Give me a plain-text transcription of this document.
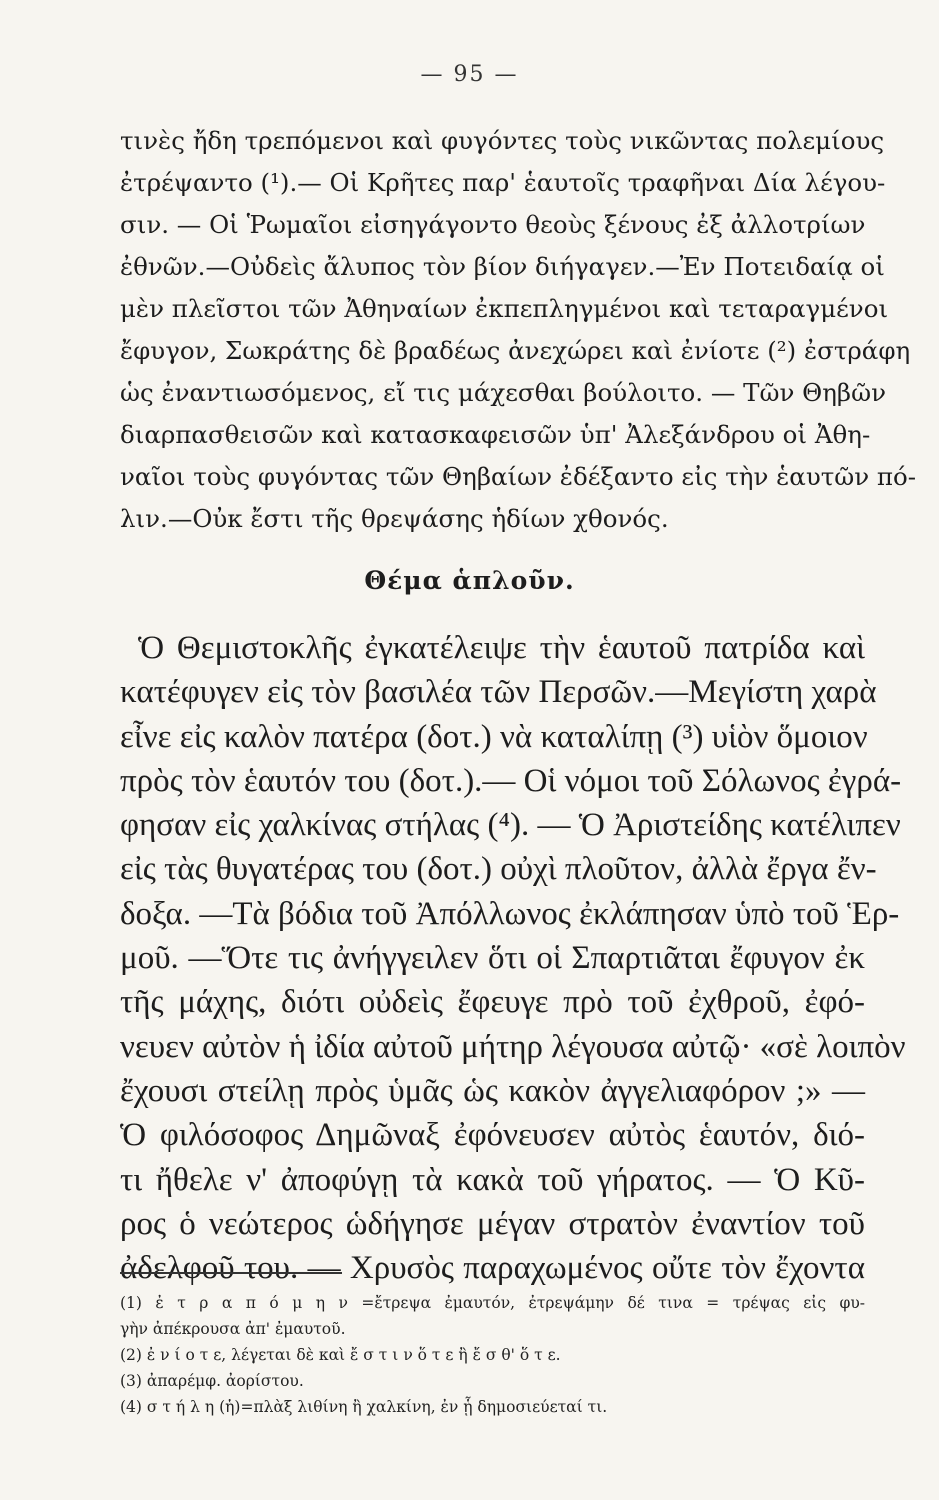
— 95 —
τινὲς ἤδη τρεπόμενοι καὶ φυγόντες τοὺς νικῶντας πολεμίους
ἐτρέψαντο (¹).— Οἱ Κρῆτες παρ' ἑαυτοῖς τραφῆναι Δία λέγου-
σιν. — Οἱ Ῥωμαῖοι εἰσηγάγοντο θεοὺς ξένους ἐξ ἀλλοτρίων
ἐθνῶν.—Οὐδεὶς ἄλυπος τὸν βίον διήγαγεν.—Ἐν Ποτειδαίᾳ οἱ
μὲν πλεῖστοι τῶν Ἀθηναίων ἐκπεπληγμένοι καὶ τεταραγμένοι
ἔφυγον, Σωκράτης δὲ βραδέως ἀνεχώρει καὶ ἐνίοτε (²) ἐστράφη
ὡς ἐναντιωσόμενος, εἴ τις μάχεσθαι βούλοιτο. — Τῶν Θηβῶν
διαρπασθεισῶν καὶ κατασκαφεισῶν ὑπ' Ἀλεξάνδρου οἱ Ἀθη-
ναῖοι τοὺς φυγόντας τῶν Θηβαίων ἐδέξαντο εἰς τὴν ἑαυτῶν πό-
λιν.—Οὐκ ἔστι τῆς θρεψάσης ἡδίων χθονός.
Θέμα ἁπλοῦν.
Ὁ Θεμιστοκλῆς ἐγκατέλειψε τὴν ἑαυτοῦ πατρίδα καὶ
κατέφυγεν εἰς τὸν βασιλέα τῶν Περσῶν.—Μεγίστη χαρὰ
εἶνε εἰς καλὸν πατέρα (δοτ.) νὰ καταλίπῃ (³) υἱὸν ὅμοιον
πρὸς τὸν ἑαυτόν του (δοτ.).— Οἱ νόμοι τοῦ Σόλωνος ἐγρά-
φησαν εἰς χαλκίνας στήλας (⁴). — Ὁ Ἀριστείδης κατέλιπεν
εἰς τὰς θυγατέρας του (δοτ.) οὐχὶ πλοῦτον, ἀλλὰ ἔργα ἔν-
δοξα. —Τὰ βόδια τοῦ Ἀπόλλωνος ἐκλάπησαν ὑπὸ τοῦ Ἑρ-
μοῦ. —Ὅτε τις ἀνήγγειλεν ὅτι οἱ Σπαρτιᾶται ἔφυγον ἐκ
τῆς μάχης, διότι οὐδεὶς ἔφευγε πρὸ τοῦ ἐχθροῦ, ἐφό-
νευεν αὐτὸν ἡ ἰδία αὐτοῦ μήτηρ λέγουσα αὐτῷ· «σὲ λοιπὸν
ἔχουσι στείλῃ πρὸς ὑμᾶς ὡς κακὸν ἀγγελιαφόρον ;» —
Ὁ φιλόσοφος Δημῶναξ ἐφόνευσεν αὐτὸς ἑαυτόν, διό-
τι ἤθελε ν' ἀποφύγῃ τὰ κακὰ τοῦ γήρατος. — Ὁ Κῦ-
ρος ὁ νεώτερος ὡδήγησε μέγαν στρατὸν ἐναντίον τοῦ
ἀδελφοῦ του. — Χρυσὸς παραχωμένος οὔτε τὸν ἔχοντα
(1) ἐ τ ρ α π ό μ η ν =ἔτρεψα ἐμαυτόν, ἐτρεψάμην δέ τινα = τρέψας εἰς φυ-
γὴν ἀπέκρουσα ἀπ' ἐμαυτοῦ.
(2) ἐ ν ί ο τ ε, λέγεται δὲ καὶ ἔ σ τ ι ν ὅ τ ε ἢ ἔ σ θ' ὅ τ ε.
(3) ἀπαρέμφ. ἀορίστου.
(4) σ τ ή λ η (ἡ)=πλὰξ λιθίνη ἢ χαλκίνη, ἐν ᾗ δημοσιεύεταί τι.
